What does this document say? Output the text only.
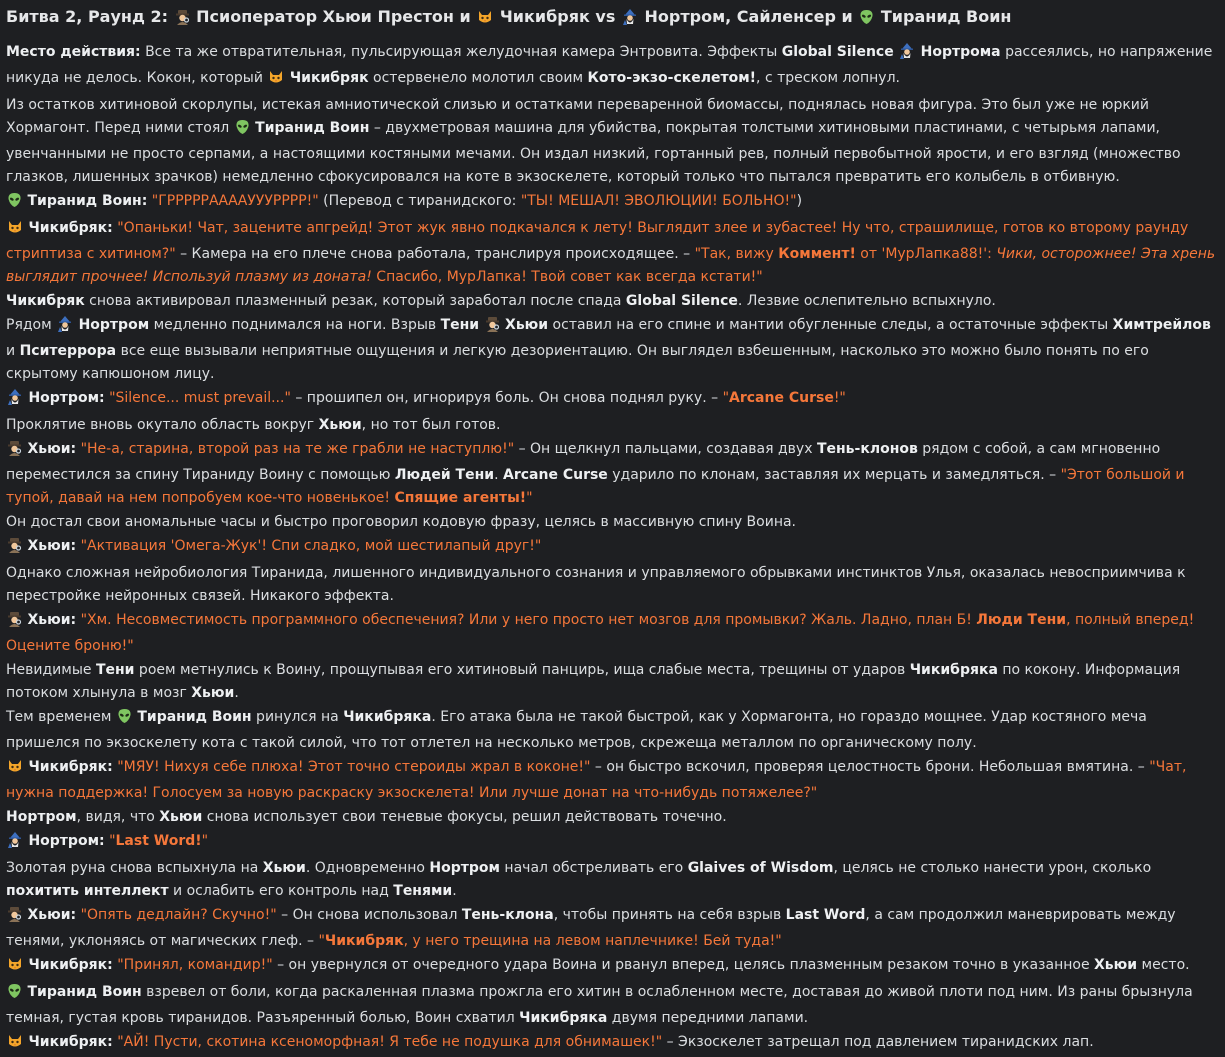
Битва 2, Раунд 2:  Псиоператор Хьюи Престон и  Чикибряк vs  Нортром, Сайленсер и  Тиранид Воин
Место действия: Все та же отвратительная, пульсирующая желудочная камера Энтровита. Эффекты Global Silence Нортрома рассеялись, но напряжение никуда не делось. Кокон, который  Чикибряк остервенело молотил своим Кото-экзо-скелетом!, с треском лопнул.
Из остатков хитиновой скорлупы, истекая амниотической слизью и остатками переваренной биомассы, поднялась новая фигура. Это был уже не юркий Хормагонт. Перед ними стоял  Тиранид Воин – двухметровая машина для убийства, покрытая толстыми хитиновыми пластинами, с четырьмя лапами, увенчанными не просто серпами, а настоящими костяными мечами. Он издал низкий, гортанный рев, полный первобытной ярости, и его взгляд (множество глазков, лишенных зрачков) немедленно сфокусировался на коте в экзоскелете, который только что пытался превратить его колыбель в отбивную.
Тиранид Воин: "ГРРРРРААААУУУРРРР!" (Перевод с тиранидского: "ТЫ! МЕШАЛ! ЭВОЛЮЦИИ! БОЛЬНО!")
Чикибряк: "Опаньки! Чат, зацените апгрейд! Этот жук явно подкачался к лету! Выглядит злее и зубастее! Ну что, страшилище, готов ко второму раунду стриптиза с хитином?" – Камера на его плече снова работала, транслируя происходящее. – "Так, вижу Коммент! от 'МурЛапка88!': Чики, осторожнее! Эта хрень выглядит прочнее! Используй плазму из доната! Спасибо, МурЛапка! Твой совет как всегда кстати!"
Чикибряк снова активировал плазменный резак, который заработал после спада Global Silence. Лезвие ослепительно вспыхнуло.
Рядом  Нортром медленно поднимался на ноги. Взрыв Тени Хьюи оставил на его спине и мантии обугленные следы, а остаточные эффекты Химтрейлов и Пситеррора все еще вызывали неприятные ощущения и легкую дезориентацию. Он выглядел взбешенным, насколько это можно было понять по его скрытому капюшоном лицу.
Нортром: "Silence... must prevail..." – прошипел он, игнорируя боль. Он снова поднял руку. – "Arcane Curse!"
Проклятие вновь окутало область вокруг Хьюи, но тот был готов.
Хьюи: "Не-а, старина, второй раз на те же грабли не наступлю!" – Он щелкнул пальцами, создавая двух Тень-клонов рядом с собой, а сам мгновенно переместился за спину Тираниду Воину с помощью Людей Тени. Arcane Curse ударило по клонам, заставляя их мерцать и замедляться. – "Этот большой и тупой, давай на нем попробуем кое-что новенькое! Спящие агенты!"
Он достал свои аномальные часы и быстро проговорил кодовую фразу, целясь в массивную спину Воина.
Хьюи: "Активация 'Омега-Жук'! Спи сладко, мой шестилапый друг!"
Однако сложная нейробиология Тиранида, лишенного индивидуального сознания и управляемого обрывками инстинктов Улья, оказалась невосприимчива к перестройке нейронных связей. Никакого эффекта.
Хьюи: "Хм. Несовместимость программного обеспечения? Или у него просто нет мозгов для промывки? Жаль. Ладно, план Б! Люди Тени, полный вперед! Оцените броню!"
Невидимые Тени роем метнулись к Воину, прощупывая его хитиновый панцирь, ища слабые места, трещины от ударов Чикибряка по кокону. Информация потоком хлынула в мозг Хьюи.
Тем временем  Тиранид Воин ринулся на Чикибряка. Его атака была не такой быстрой, как у Хормагонта, но гораздо мощнее. Удар костяного меча пришелся по экзоскелету кота с такой силой, что тот отлетел на несколько метров, скрежеща металлом по органическому полу.
Чикибряк: "МЯУ! Нихуя себе плюха! Этот точно стероиды жрал в коконе!" – он быстро вскочил, проверяя целостность брони. Небольшая вмятина. – "Чат, нужна поддержка! Голосуем за новую раскраску экзоскелета! Или лучше донат на что-нибудь потяжелее?"
Нортром, видя, что Хьюи снова использует свои теневые фокусы, решил действовать точечно.
Нортром: "Last Word!"
Золотая руна снова вспыхнула на Хьюи. Одновременно Нортром начал обстреливать его Glaives of Wisdom, целясь не столько нанести урон, сколько похитить интеллект и ослабить его контроль над Тенями.
Хьюи: "Опять дедлайн? Скучно!" – Он снова использовал Тень-клона, чтобы принять на себя взрыв Last Word, а сам продолжил маневрировать между тенями, уклоняясь от магических глеф. – "Чикибряк, у него трещина на левом наплечнике! Бей туда!"
Чикибряк: "Принял, командир!" – он увернулся от очередного удара Воина и рванул вперед, целясь плазменным резаком точно в указанное Хьюи место.
Тиранид Воин взревел от боли, когда раскаленная плазма прожгла его хитин в ослабленном месте, доставая до живой плоти под ним. Из раны брызнула темная, густая кровь тиранидов. Разъяренный болью, Воин схватил Чикибряка двумя передними лапами.
Чикибряк: "АЙ! Пусти, скотина ксеноморфная! Я тебе не подушка для обнимашек!" – Экзоскелет затрещал под давлением тиранидских лап.
